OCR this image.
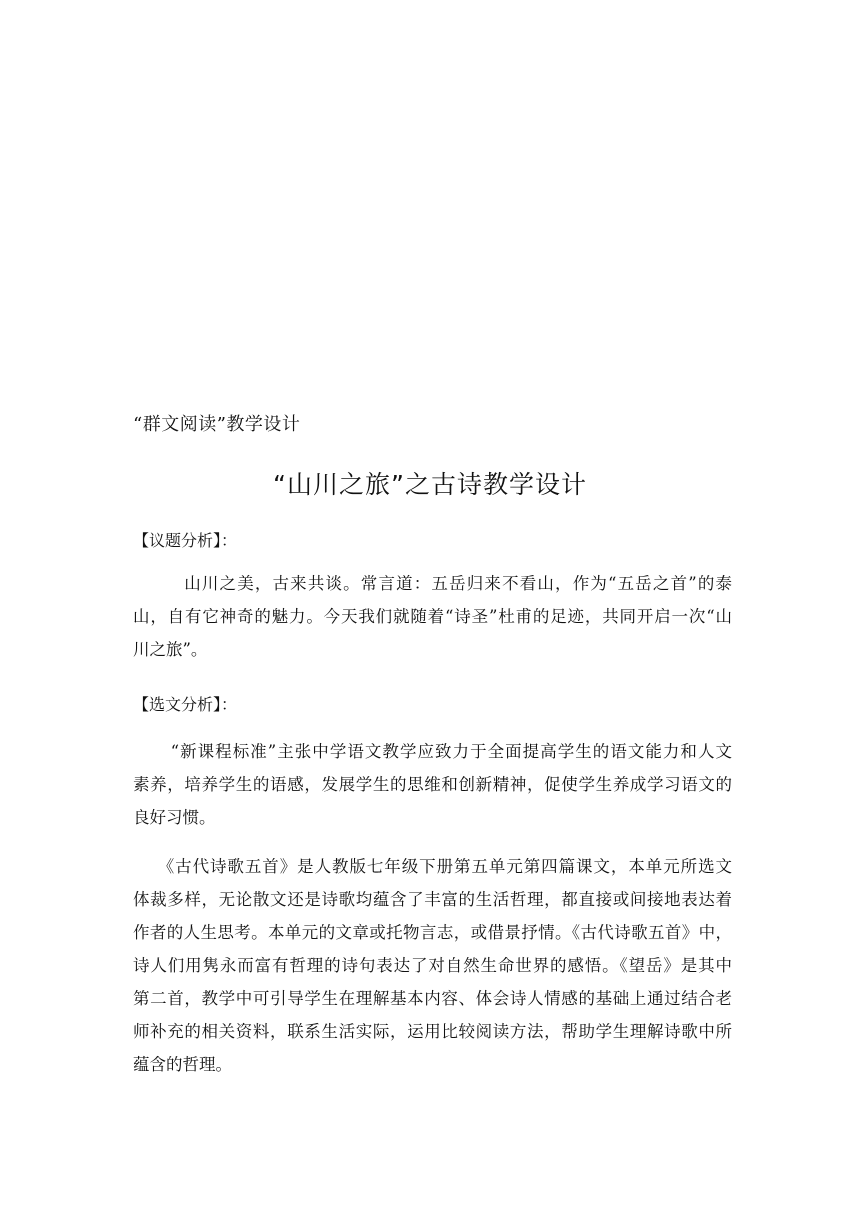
“群文阅读”教学设计
“山川之旅”之古诗教学设计
【议题分析】：
山川之美，古来共谈。常言道：五岳归来不看山，作为“五岳之首”的泰
山，自有它神奇的魅力。今天我们就随着“诗圣”杜甫的足迹，共同开启一次“山
川之旅”。
【选文分析】：
“新课程标准”主张中学语文教学应致力于全面提高学生的语文能力和人文
素养，培养学生的语感，发展学生的思维和创新精神，促使学生养成学习语文的
良好习惯。
《古代诗歌五首》是人教版七年级下册第五单元第四篇课文，本单元所选文
体裁多样，无论散文还是诗歌均蕴含了丰富的生活哲理，都直接或间接地表达着
作者的人生思考。本单元的文章或托物言志，或借景抒情。《古代诗歌五首》中，
诗人们用隽永而富有哲理的诗句表达了对自然生命世界的感悟。《望岳》是其中
第二首，教学中可引导学生在理解基本内容、体会诗人情感的基础上通过结合老
师补充的相关资料，联系生活实际，运用比较阅读方法，帮助学生理解诗歌中所
蕴含的哲理。
